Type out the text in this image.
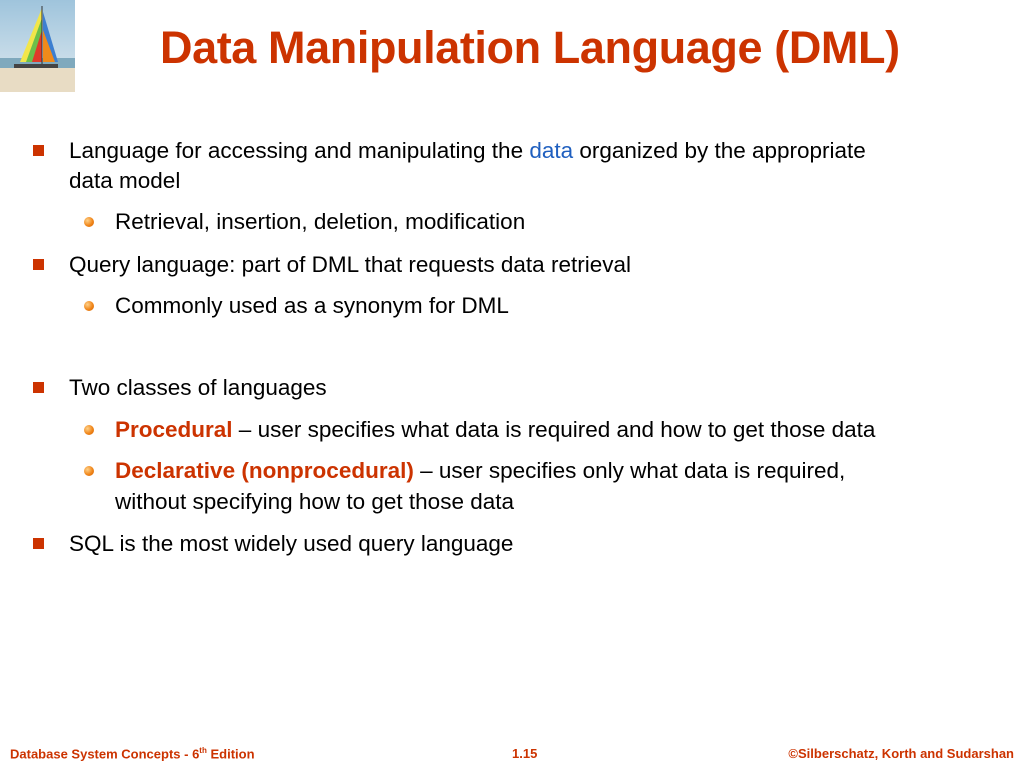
Data Manipulation Language (DML)
Language for accessing and manipulating the data organized by the appropriate
data model
Retrieval, insertion, deletion, modification
Query language: part of DML that requests data retrieval
Commonly used as a synonym for DML
Two classes of languages
Procedural – user specifies what data is required and how to get those data
Declarative (nonprocedural) – user specifies only what data is required,
without specifying how to get those data
SQL is the most widely used query language
Database System Concepts - 6th Edition	1.15	©Silberschatz, Korth and Sudarshan
